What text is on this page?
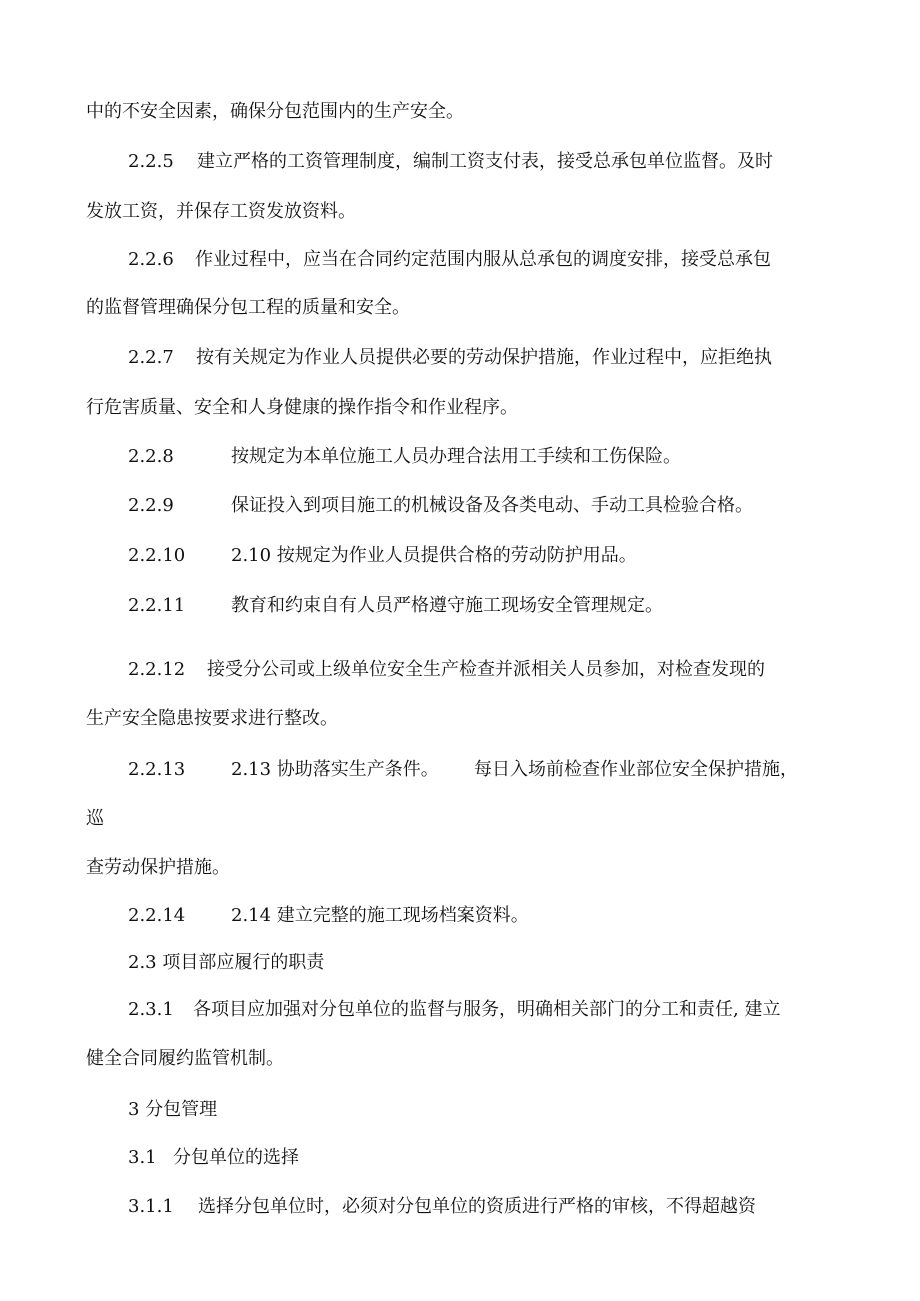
中的不安全因素，确保分包范围内的生产安全。
2.2.5 建立严格的工资管理制度，编制工资支付表，接受总承包单位监督。及时
发放工资，并保存工资发放资料。
2.2.6 作业过程中，应当在合同约定范围内服从总承包的调度安排，接受总承包
的监督管理确保分包工程的质量和安全。
2.2.7 按有关规定为作业人员提供必要的劳动保护措施，作业过程中，应拒绝执
行危害质量、安全和人身健康的操作指令和作业程序。
2.2.8	按规定为本单位施工人员办理合法用工手续和工伤保险。
2.2.9	保证投入到项目施工的机械设备及各类电动、手动工具检验合格。
2.2.10	2.10 按规定为作业人员提供合格的劳动防护用品。
2.2.11	教育和约束自有人员严格遵守施工现场安全管理规定。
2.2.12 接受分公司或上级单位安全生产检查并派相关人员参加，对检查发现的
生产安全隐患按要求进行整改。
2.2.13	2.13 协助落实生产条件。 每日入场前检查作业部位安全保护措施，
巡
查劳动保护措施。
2.2.14	2.14 建立完整的施工现场档案资料。
2.3 项目部应履行的职责
2.3.1 各项目应加强对分包单位的监督与服务，明确相关部门的分工和责任, 建立
健全合同履约监管机制。
3 分包管理
3.1 分包单位的选择
3.1.1 选择分包单位时，必须对分包单位的资质进行严格的审核，不得超越资
